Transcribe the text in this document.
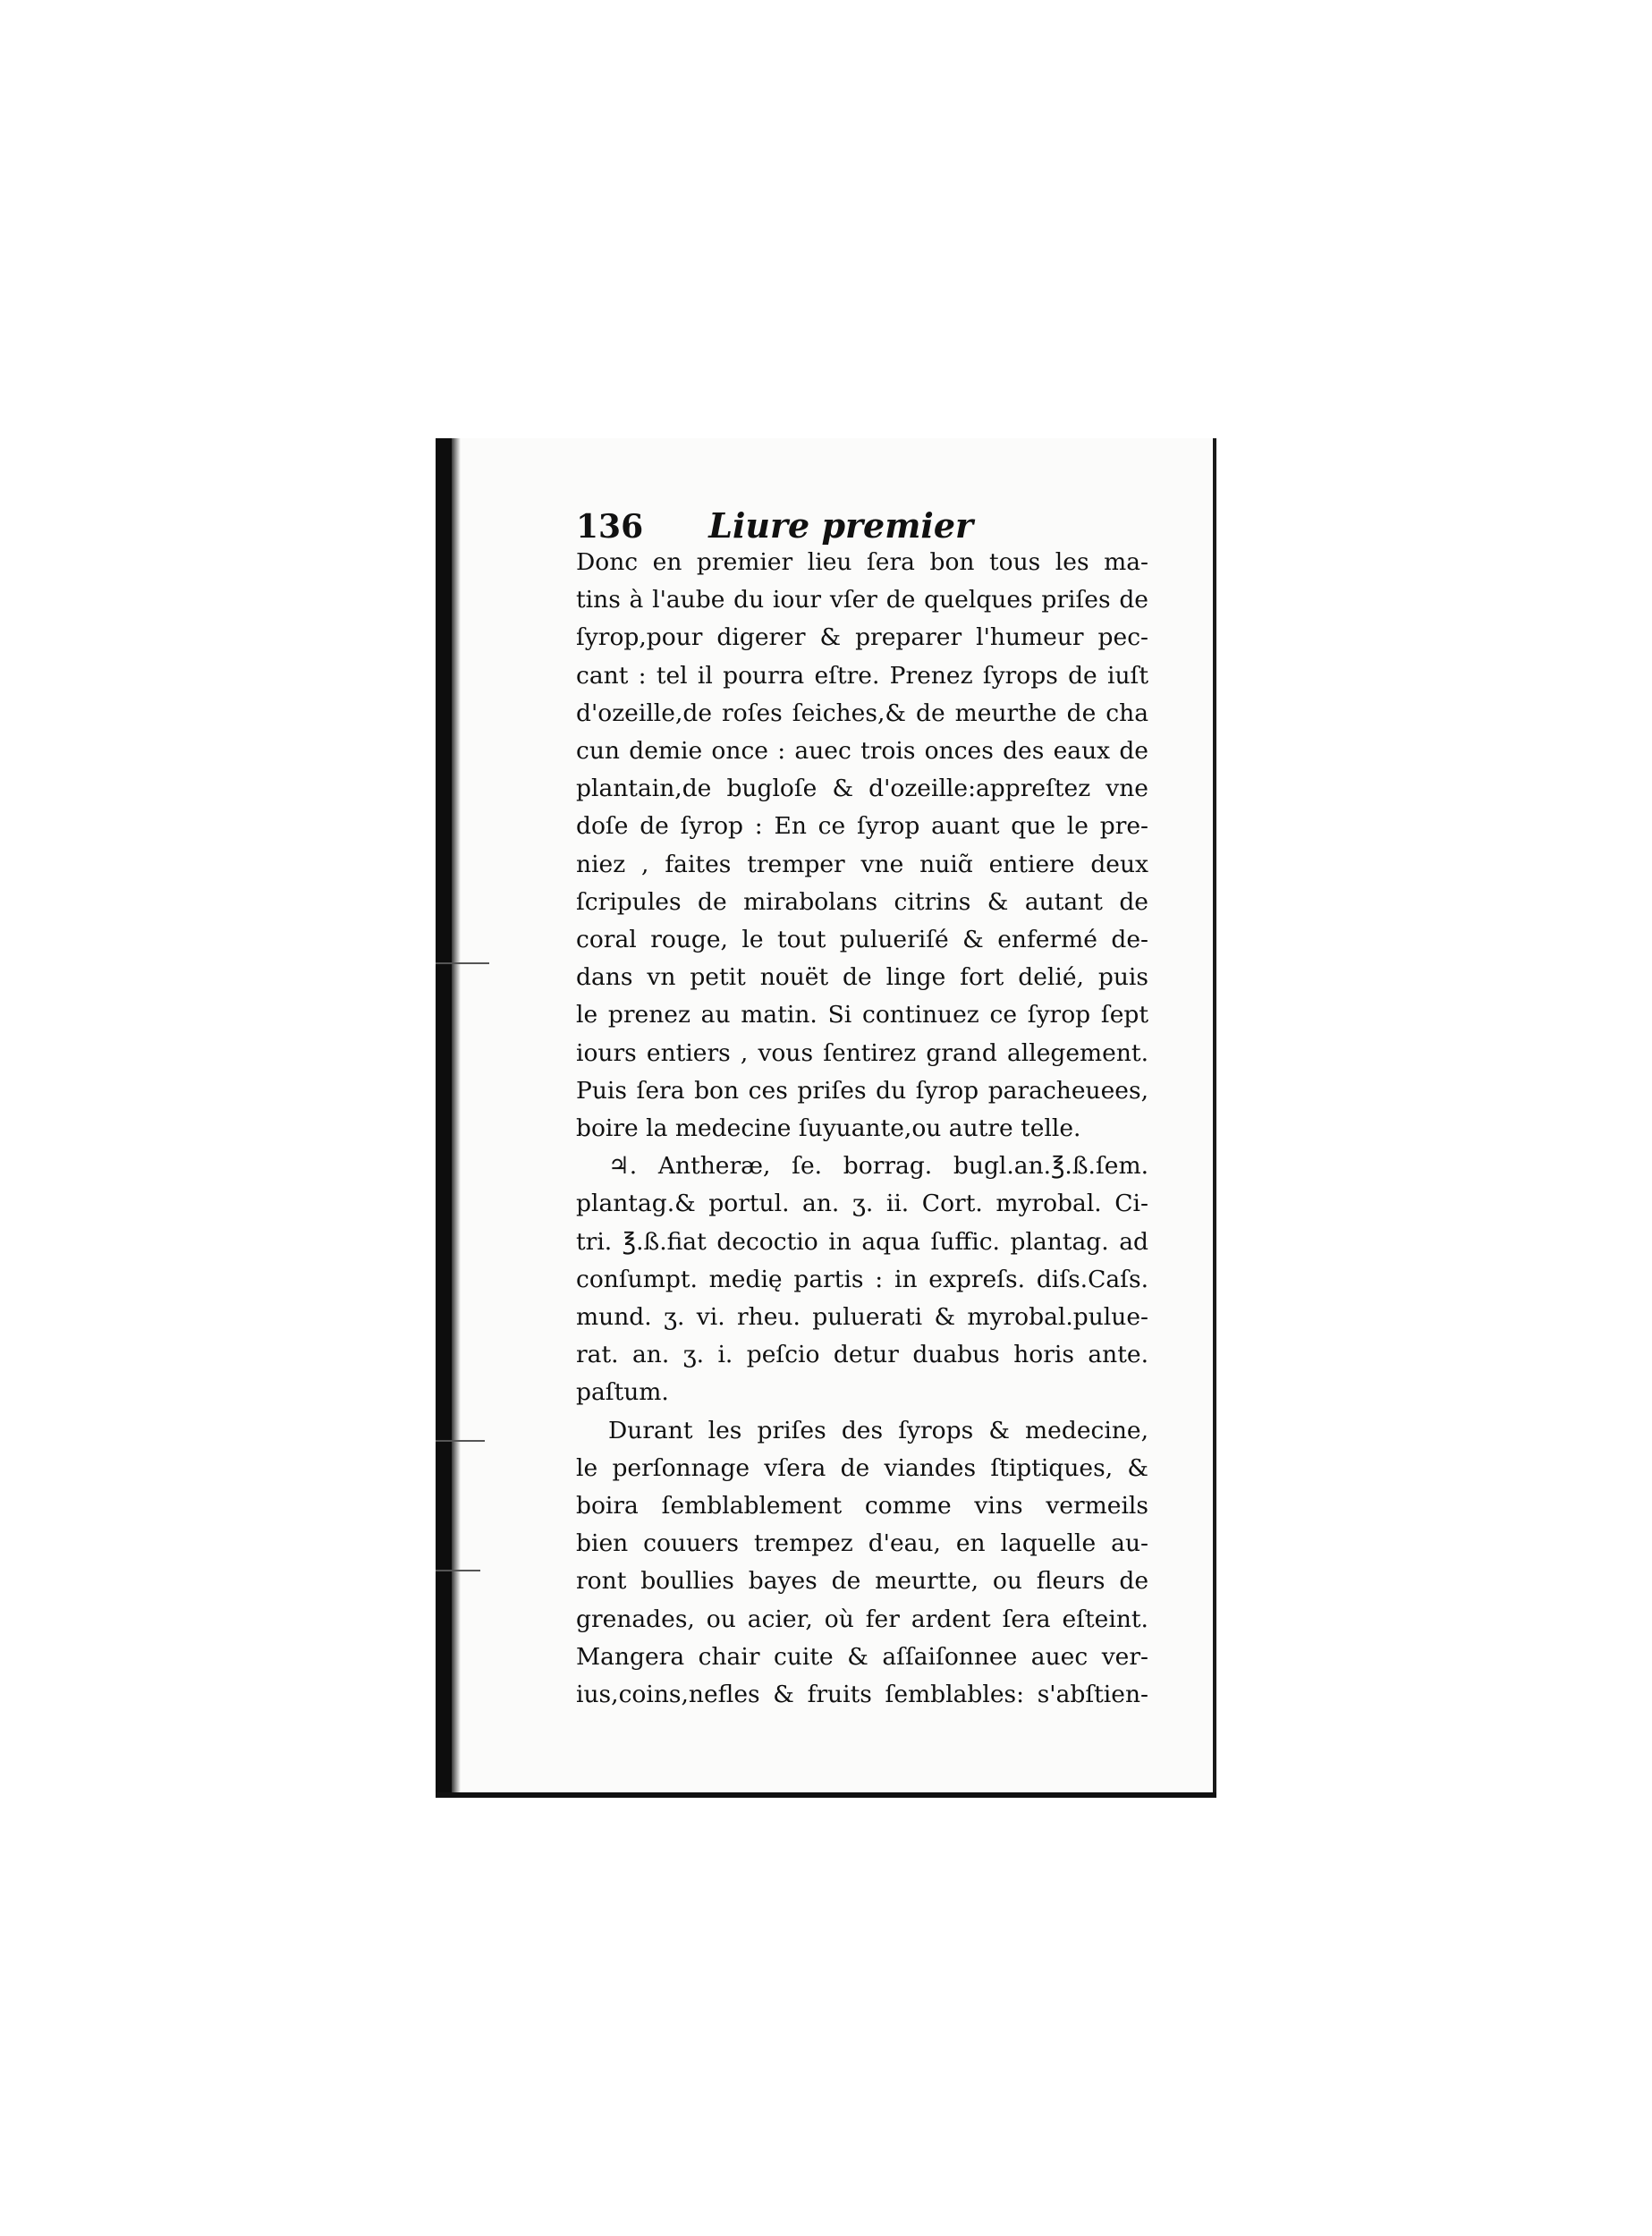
136 Liure premier
Donc en premier lieu ſera bon tous les ma-
tins à l'aube du iour vſer de quelques priſes de
ſyrop,pour digerer & preparer l'humeur pec-
cant : tel il pourra eſtre. Prenez ſyrops de iuſt
d'ozeille,de roſes ſeiches,& de meurthe de cha
cun demie once : auec trois onces des eaux de
plantain,de bugloſe & d'ozeille:appreſtez vne
doſe de ſyrop : En ce ſyrop auant que le pre-
niez , faites tremper vne nuiɑ̃ entiere deux
ſcripules de mirabolans citrins & autant de
coral rouge, le tout pulueriſé & enfermé de-
dans vn petit nouët de linge fort delié, puis
le prenez au matin. Si continuez ce ſyrop ſept
iours entiers , vous ſentirez grand allegement.
Puis ſera bon ces priſes du ſyrop paracheuees,
boire la medecine ſuyuante,ou autre telle.
♃. Antheræ, ſe. borrag. bugl.an.℥.ß.ſem.
plantag.& portul. an. ʒ. ii. Cort. myrobal. Ci-
tri. ℥.ß.fiat decoctio in aqua ſuffic. plantag. ad
conſumpt. medię partis : in expreſs. diſs.Caſs.
mund. ʒ. vi. rheu. puluerati & myrobal.pulue-
rat. an. ʒ. i. peſcio detur duabus horis ante.
paſtum.
Durant les priſes des ſyrops & medecine,
le perſonnage vſera de viandes ſtiptiques, &
boira ſemblablement comme vins vermeils
bien couuers trempez d'eau, en laquelle au-
ront boullies bayes de meurtte, ou fleurs de
grenades, ou acier, où fer ardent ſera eſteint.
Mangera chair cuite & aſſaiſonnee auec ver-
ius,coins,nefles & fruits ſemblables: s'abſtien-
